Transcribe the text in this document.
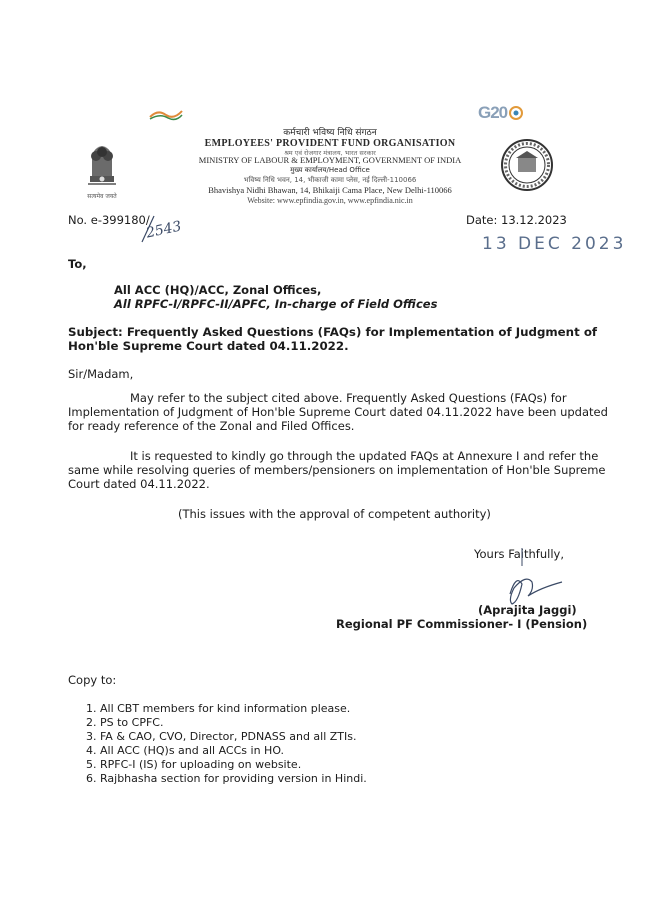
G20
सत्यमेव जयते
कर्मचारी भविष्य निधि संगठन
EMPLOYEES' PROVIDENT FUND ORGANISATION
श्रम एवं रोजगार मंत्रालय, भारत सरकार
MINISTRY OF LABOUR & EMPLOYMENT, GOVERNMENT OF INDIA
मुख्य कार्यालय/Head Office
भविष्य निधि भवन, 14, भीकाजी कामा प्लेस, नई दिल्ली-110066
Bhavishya Nidhi Bhawan, 14, Bhikaiji Cama Place, New Delhi-110066
Website: www.epfindia.gov.in, www.epfindia.nic.in
No. e-399180/
2543	Date: 13.12.2023
13 DEC 2023
To,
All ACC (HQ)/ACC, Zonal Offices,
All RPFC-I/RPFC-II/APFC, In-charge of Field Offices
Subject: Frequently Asked Questions (FAQs) for Implementation of Judgment of
Hon'ble Supreme Court dated 04.11.2022.
Sir/Madam,
May refer to the subject cited above. Frequently Asked Questions (FAQs) for
Implementation of Judgment of Hon'ble Supreme Court dated 04.11.2022 have been updated
for ready reference of the Zonal and Filed Offices.
It is requested to kindly go through the updated FAQs at Annexure I and refer the
same while resolving queries of members/pensioners on implementation of Hon'ble Supreme
Court dated 04.11.2022.
(This issues with the approval of competent authority)
Yours Faithfully,
(Aprajita Jaggi)
Regional PF Commissioner- I (Pension)
Copy to:
1. All CBT members for kind information please.
2. PS to CPFC.
3. FA & CAO, CVO, Director, PDNASS and all ZTIs.
4. All ACC (HQ)s and all ACCs in HO.
5. RPFC-I (IS) for uploading on website.
6. Rajbhasha section for providing version in Hindi.
